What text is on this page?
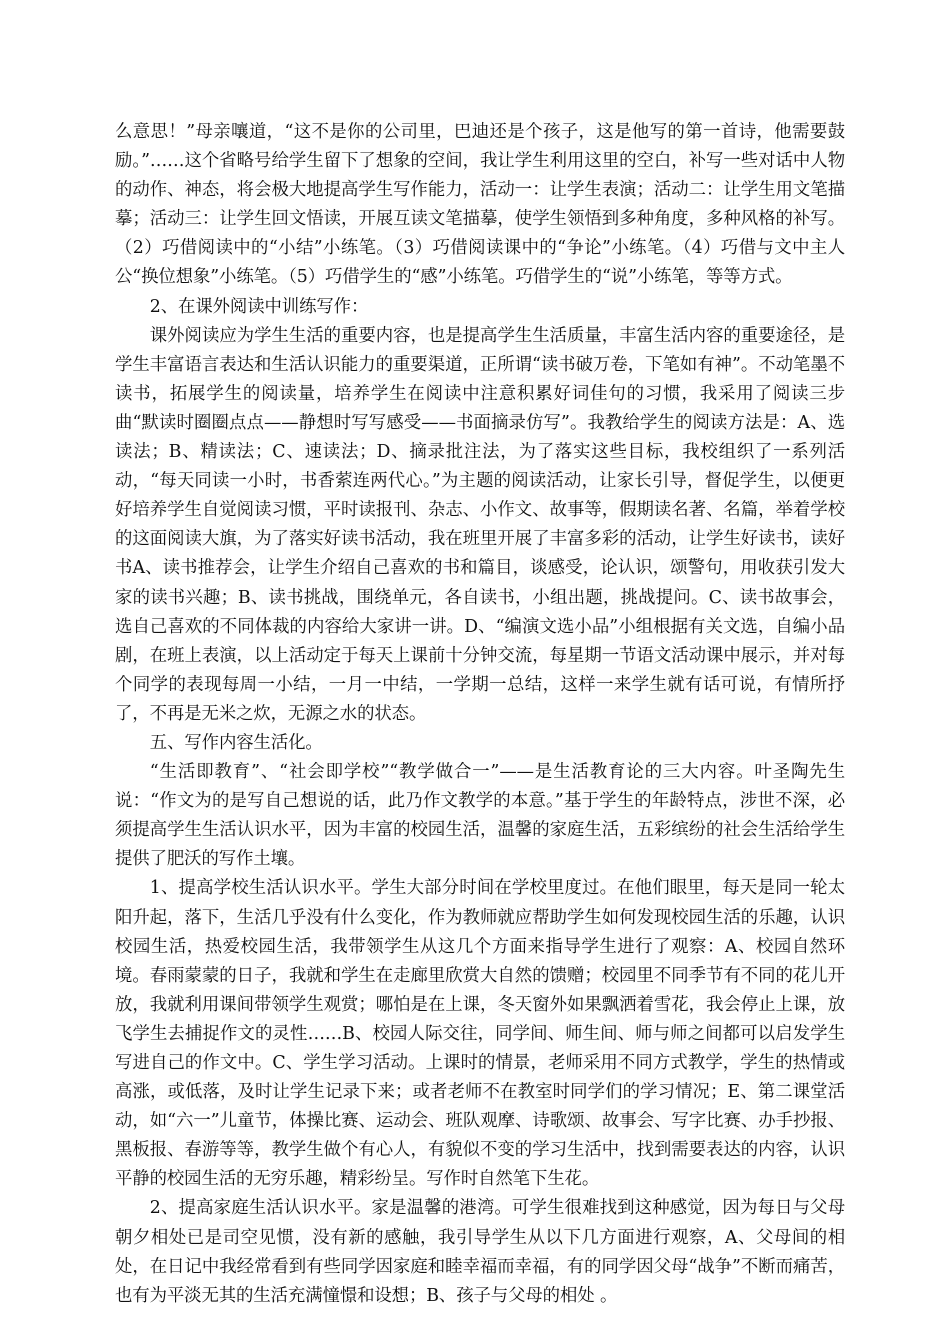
么意思！”母亲嚷道，“这不是你的公司里，巴迪还是个孩子，这是他写的第一首诗，他需要鼓励。”……这个省略号给学生留下了想象的空间，我让学生利用这里的空白，补写一些对话中人物的动作、神态，将会极大地提高学生写作能力，活动一：让学生表演；活动二：让学生用文笔描摹；活动三：让学生回文悟读，开展互读文笔描摹，使学生领悟到多种角度，多种风格的补写。（2）巧借阅读中的“小结”小练笔。（3）巧借阅读课中的“争论”小练笔。（4）巧借与文中主人公“换位想象”小练笔。（5）巧借学生的“感”小练笔。巧借学生的“说”小练笔，等等方式。

2、在课外阅读中训练写作：

课外阅读应为学生生活的重要内容，也是提高学生生活质量，丰富生活内容的重要途径，是学生丰富语言表达和生活认识能力的重要渠道，正所谓“读书破万卷，下笔如有神”。不动笔墨不读书，拓展学生的阅读量，培养学生在阅读中注意积累好词佳句的习惯，我采用了阅读三步曲“默读时圈圈点点——静想时写写感受——书面摘录仿写”。我教给学生的阅读方法是：A、选读法；B、精读法；C、速读法；D、摘录批注法，为了落实这些目标，我校组织了一系列活动，“每天同读一小时，书香萦连两代心。”为主题的阅读活动，让家长引导，督促学生，以便更好培养学生自觉阅读习惯，平时读报刊、杂志、小作文、故事等，假期读名著、名篇，举着学校的这面阅读大旗，为了落实好读书活动，我在班里开展了丰富多彩的活动，让学生好读书，读好书A、读书推荐会，让学生介绍自己喜欢的书和篇目，谈感受，论认识，颂警句，用收获引发大家的读书兴趣；B、读书挑战，围绕单元，各自读书，小组出题，挑战提问。C、读书故事会，选自己喜欢的不同体裁的内容给大家讲一讲。D、“编演文选小品”小组根据有关文选，自编小品剧，在班上表演，以上活动定于每天上课前十分钟交流，每星期一节语文活动课中展示，并对每个同学的表现每周一小结，一月一中结，一学期一总结，这样一来学生就有话可说，有情所抒了，不再是无米之炊，无源之水的状态。

五、写作内容生活化。

“生活即教育”、“社会即学校”“教学做合一”——是生活教育论的三大内容。叶圣陶先生说：“作文为的是写自己想说的话，此乃作文教学的本意。”基于学生的年龄特点，涉世不深，必须提高学生生活认识水平，因为丰富的校园生活，温馨的家庭生活，五彩缤纷的社会生活给学生提供了肥沃的写作土壤。

1、提高学校生活认识水平。学生大部分时间在学校里度过。在他们眼里，每天是同一轮太阳升起，落下，生活几乎没有什么变化，作为教师就应帮助学生如何发现校园生活的乐趣，认识校园生活，热爱校园生活，我带领学生从这几个方面来指导学生进行了观察：A、校园自然环境。春雨蒙蒙的日子，我就和学生在走廊里欣赏大自然的馈赠；校园里不同季节有不同的花儿开放，我就利用课间带领学生观赏；哪怕是在上课，冬天窗外如果飘洒着雪花，我会停止上课，放飞学生去捕捉作文的灵性……B、校园人际交往，同学间、师生间、师与师之间都可以启发学生写进自己的作文中。C、学生学习活动。上课时的情景，老师采用不同方式教学，学生的热情或高涨，或低落，及时让学生记录下来；或者老师不在教室时同学们的学习情况；E、第二课堂活动，如“六一”儿童节，体操比赛、运动会、班队观摩、诗歌颂、故事会、写字比赛、办手抄报、黑板报、春游等等，教学生做个有心人，有貌似不变的学习生活中，找到需要表达的内容，认识平静的校园生活的无穷乐趣，精彩纷呈。写作时自然笔下生花。

2、提高家庭生活认识水平。家是温馨的港湾。可学生很难找到这种感觉，因为每日与父母朝夕相处已是司空见惯，没有新的感触，我引导学生从以下几方面进行观察，A、父母间的相处，在日记中我经常看到有些同学因家庭和睦幸福而幸福，有的同学因父母“战争”不断而痛苦，也有为平淡无其的生活充满憧憬和设想；B、孩子与父母的相处 。
